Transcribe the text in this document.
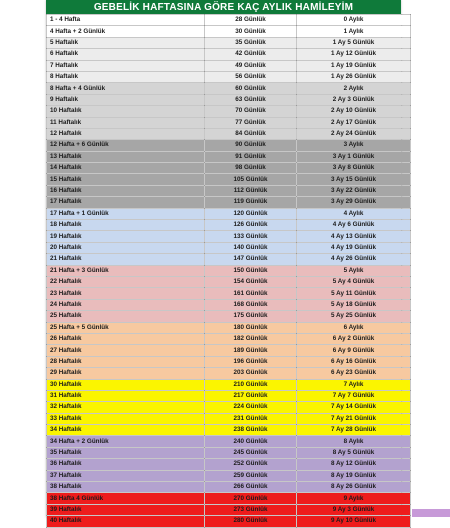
GEBELİK HAFTASINA GÖRE KAÇ AYLIK HAMİLEYİM
1 - 4 Hafta	28 Günlük	0 Aylık
4 Hafta + 2 Günlük	30 Günlük	1 Aylık
5 Haftalık	35 Günlük	1 Ay 5 Günlük
6 Haftalık	42 Günlük	1 Ay 12 Günlük
7 Haftalık	49 Günlük	1 Ay 19 Günlük
8 Haftalık	56 Günlük	1 Ay 26 Günlük
8 Hafta + 4 Günlük	60 Günlük	2 Aylık
9 Haftalık	63 Günlük	2 Ay 3 Günlük
10 Haftalık	70 Günlük	2 Ay 10 Günlük
11 Haftalık	77 Günlük	2 Ay 17 Günlük
12 Haftalık	84 Günlük	2 Ay 24 Günlük
12 Hafta + 6 Günlük	90 Günlük	3 Aylık
13 Haftalık	91 Günlük	3 Ay 1 Günlük
14 Haftalık	98 Günlük	3 Ay 8 Günlük
15 Haftalık	105 Günlük	3 Ay 15 Günlük
16 Haftalık	112 Günlük	3 Ay 22 Günlük
17 Haftalık	119 Günlük	3 Ay 29 Günlük
17 Hafta + 1 Günlük	120 Günlük	4 Aylık
18 Haftalık	126 Günlük	4 Ay 6 Günlük
19 Haftalık	133 Günlük	4 Ay 13 Günlük
20 Haftalık	140 Günlük	4 Ay 19 Günlük
21 Haftalık	147 Günlük	4 Ay 26 Günlük
21 Hafta + 3 Günlük	150 Günlük	5 Aylık
22 Haftalık	154 Günlük	5 Ay 4 Günlük
23 Haftalık	161 Günlük	5 Ay 11 Günlük
24 Haftalık	168 Günlük	5 Ay 18 Günlük
25 Haftalık	175 Günlük	5 Ay 25 Günlük
25 Hafta + 5 Günlük	180 Günlük	6 Aylık
26 Haftalık	182 Günlük	6 Ay 2 Günlük
27 Haftalık	189 Günlük	6 Ay 9 Günlük
28 Haftalık	196 Günlük	6 Ay 16 Günlük
29 Haftalık	203 Günlük	6 Ay 23 Günlük
30 Haftalık	210 Günlük	7 Aylık
31 Haftalık	217 Günlük	7 Ay 7 Günlük
32 Haftalık	224 Günlük	7 Ay 14 Günlük
33 Haftalık	231 Günlük	7 Ay 21 Günlük
34 Haftalık	238 Günlük	7 Ay 28 Günlük
34 Hafta + 2 Günlük	240 Günlük	8 Aylık
35 Haftalık	245 Günlük	8 Ay 5 Günlük
36 Haftalık	252 Günlük	8 Ay 12 Günlük
37 Haftalık	259 Günlük	8 Ay 19 Günlük
38 Haftalık	266 Günlük	8 Ay 26 Günlük
38 Hafta 4 Günlük	270 Günlük	9 Aylık
39 Haftalık	273 Günlük	9 Ay 3 Günlük
40 Haftalık	280 Günlük	9 Ay 10 Günlük
